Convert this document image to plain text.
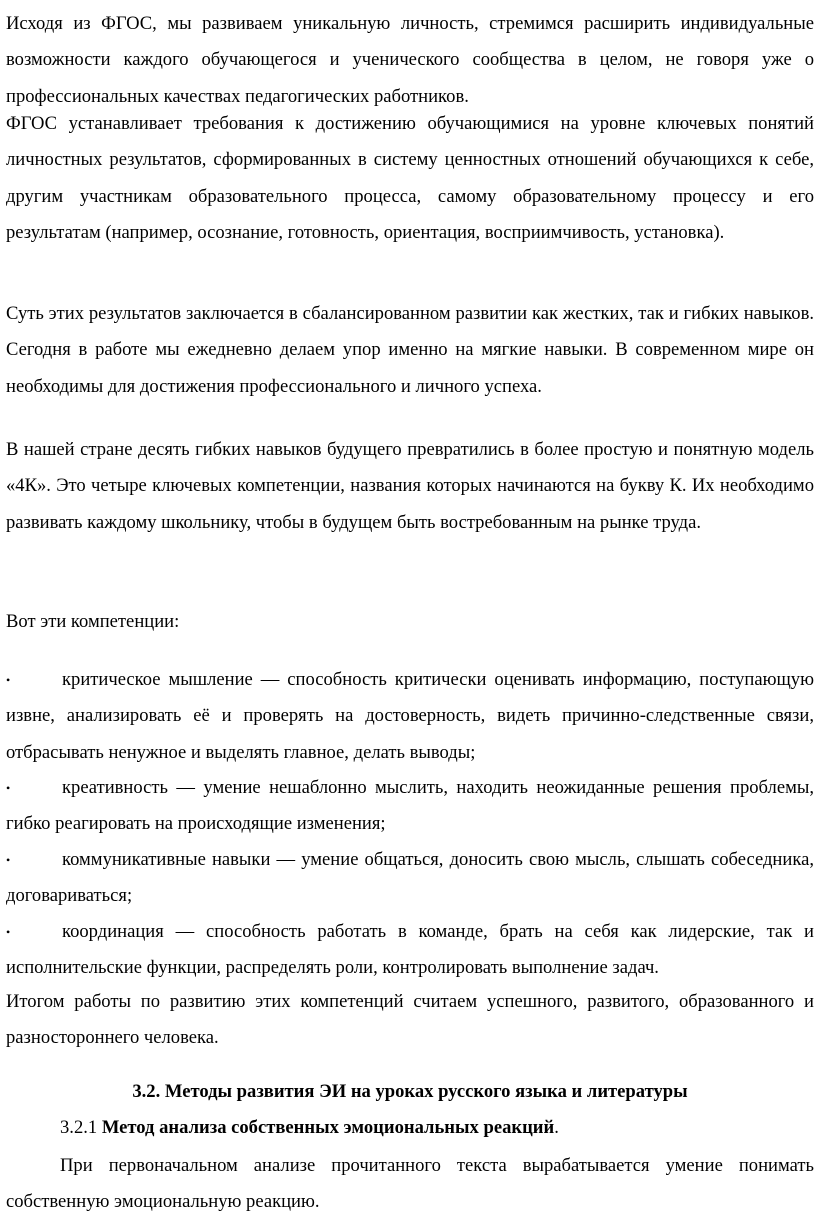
Исходя из ФГОС, мы развиваем уникальную личность, стремимся расширить индивидуальные возможности каждого обучающегося и ученического сообщества в целом, не говоря уже о профессиональных качествах педагогических работников.

ФГОС устанавливает требования к достижению обучающимися на уровне ключевых понятий личностных результатов, сформированных в систему ценностных отношений обучающихся к себе, другим участникам образовательного процесса, самому образовательному процессу и его результатам (например, осознание, готовность, ориентация, восприимчивость, установка).

Суть этих результатов заключается в сбалансированном развитии как жестких, так и гибких навыков. Сегодня в работе мы ежедневно делаем упор именно на мягкие навыки. В современном мире он необходимы для достижения профессионального и личного успеха.

В нашей стране десять гибких навыков будущего превратились в более простую и понятную модель «4К». Это четыре ключевых компетенции, названия которых начинаются на букву К. Их необходимо развивать каждому школьнику, чтобы в будущем быть востребованным на рынке труда.

Вот эти компетенции:

•	критическое мышление — способность критически оценивать информацию, поступающую извне, анализировать её и проверять на достоверность, видеть причинно-следственные связи, отбрасывать ненужное и выделять главное, делать выводы;
•	креативность — умение нешаблонно мыслить, находить неожиданные решения проблемы, гибко реагировать на происходящие изменения;
•	коммуникативные навыки — умение общаться, доносить свою мысль, слышать собеседника, договариваться;
•	координация — способность работать в команде, брать на себя как лидерские, так и исполнительские функции, распределять роли, контролировать выполнение задач.

Итогом работы по развитию этих компетенций считаем успешного, развитого, образованного и разностороннего человека.

3.2. Методы развития ЭИ на уроках русского языка и литературы
3.2.1 Метод анализа собственных эмоциональных реакций.

При первоначальном анализе прочитанного текста вырабатывается умение понимать собственную эмоциональную реакцию.
